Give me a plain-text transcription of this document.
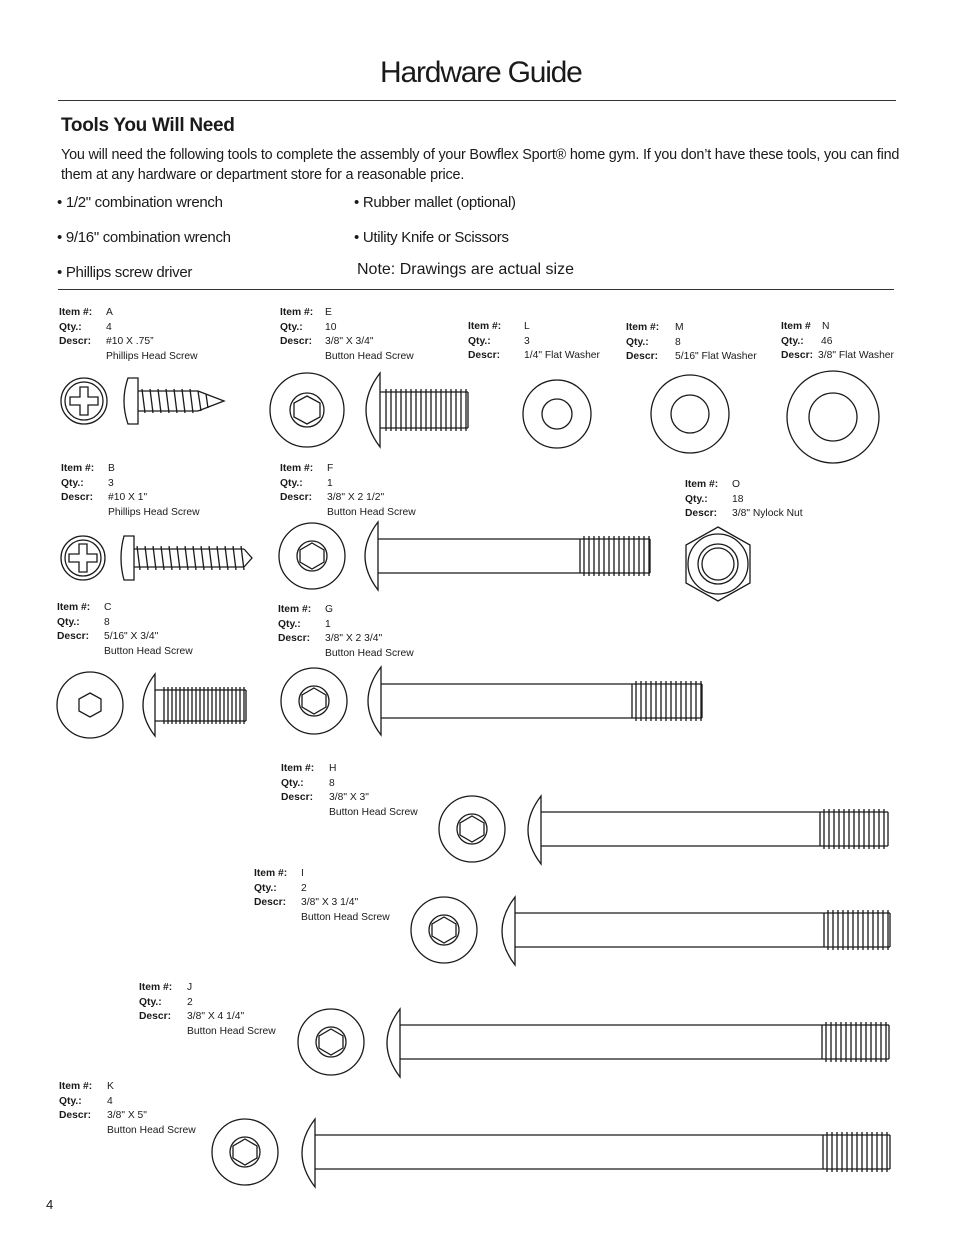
Hardware Guide
Tools You Will Need
You will need the following tools to complete the assembly of your Bowflex Sport® home gym. If you don’t have these tools, you can find them at any hardware or department store for a reasonable price.
• 1/2" combination wrench
• 9/16" combination wrench
• Phillips screw driver
• Rubber mallet (optional)
• Utility Knife or Scissors
Note: Drawings are actual size
Item #: A
Qty.: 4
Descr: #10 X .75”
Phillips Head Screw
Item #: B
Qty.: 3
Descr: #10 X 1"
Phillips Head Screw
Item #: C
Qty.: 8
Descr: 5/16" X 3/4"
Button Head Screw
Item #: E
Qty.: 10
Descr: 3/8" X 3/4"
Button Head Screw
Item #: F
Qty.: 1
Descr: 3/8" X 2 1/2"
Button Head Screw
Item #: G
Qty.: 1
Descr: 3/8" X 2 3/4"
Button Head Screw
Item #: H
Qty.: 8
Descr: 3/8" X 3"
Button Head Screw
Item #: I
Qty.: 2
Descr: 3/8" X 3 1/4"
Button Head Screw
Item #: J
Qty.: 2
Descr: 3/8" X 4 1/4"
Button Head Screw
Item #: K
Qty.: 4
Descr: 3/8" X 5"
Button Head Screw
Item #: L
Qty.:	3
Descr: 1/4" Flat Washer
Item #: M
Qty.:	8
Descr: 5/16" Flat Washer
Item # N
Qty.: 46
Descr: 3/8" Flat Washer
Item #: O
Qty.: 18
Descr: 3/8" Nylock Nut
4
